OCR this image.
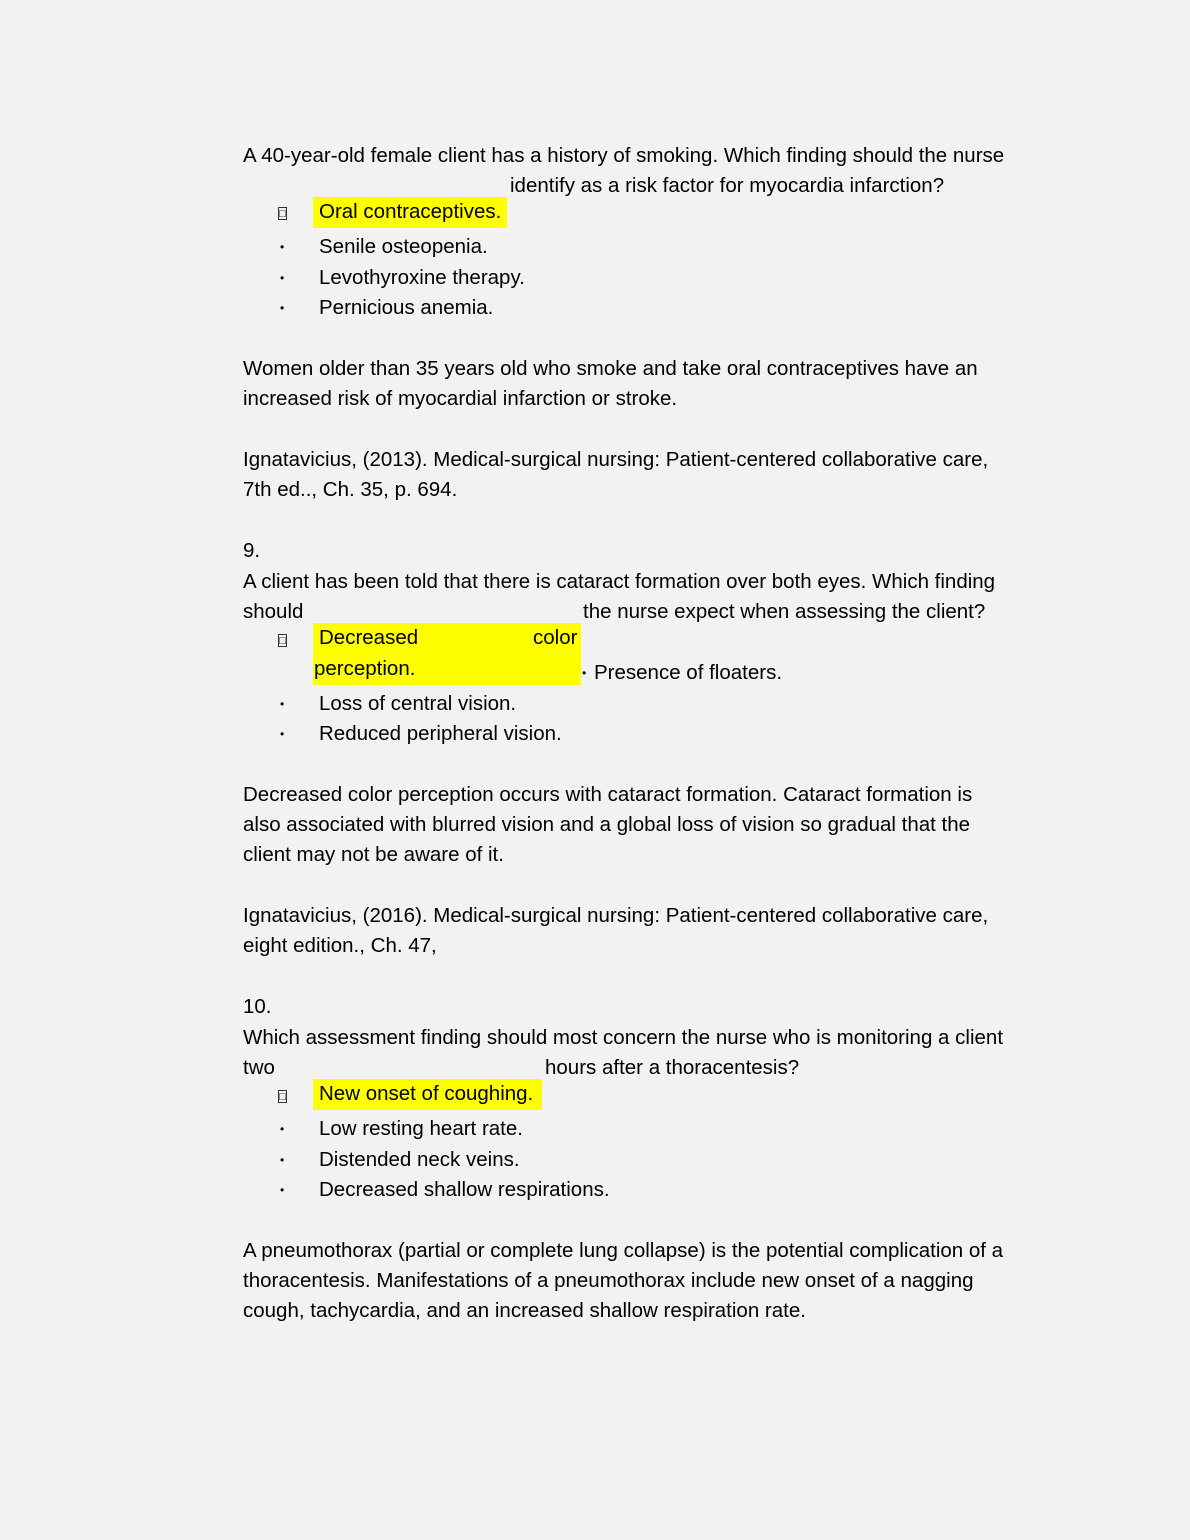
A 40-year-old female client has a history of smoking. Which finding should the nurse
identify as a risk factor for myocardia infarction?
□ Oral contraceptives.
• Senile osteopenia.
• Levothyroxine therapy.
• Pernicious anemia.
Women older than 35 years old who smoke and take oral contraceptives have an
increased risk of myocardial infarction or stroke.
Ignatavicius, (2013). Medical-surgical nursing: Patient-centered collaborative care,
7th ed.., Ch. 35, p. 694.
9.
A client has been told that there is cataract formation over both eyes. Which finding
should	the nurse expect when assessing the client?
□ Decreased	color
perception.	• Presence of floaters.
• Loss of central vision.
• Reduced peripheral vision.
Decreased color perception occurs with cataract formation. Cataract formation is
also associated with blurred vision and a global loss of vision so gradual that the
client may not be aware of it.
Ignatavicius, (2016). Medical-surgical nursing: Patient-centered collaborative care,
eight edition., Ch. 47,
10.
Which assessment finding should most concern the nurse who is monitoring a client
two	hours after a thoracentesis?
□ New onset of coughing.
• Low resting heart rate.
• Distended neck veins.
• Decreased shallow respirations.
A pneumothorax (partial or complete lung collapse) is the potential complication of a
thoracentesis. Manifestations of a pneumothorax include new onset of a nagging
cough, tachycardia, and an increased shallow respiration rate.
